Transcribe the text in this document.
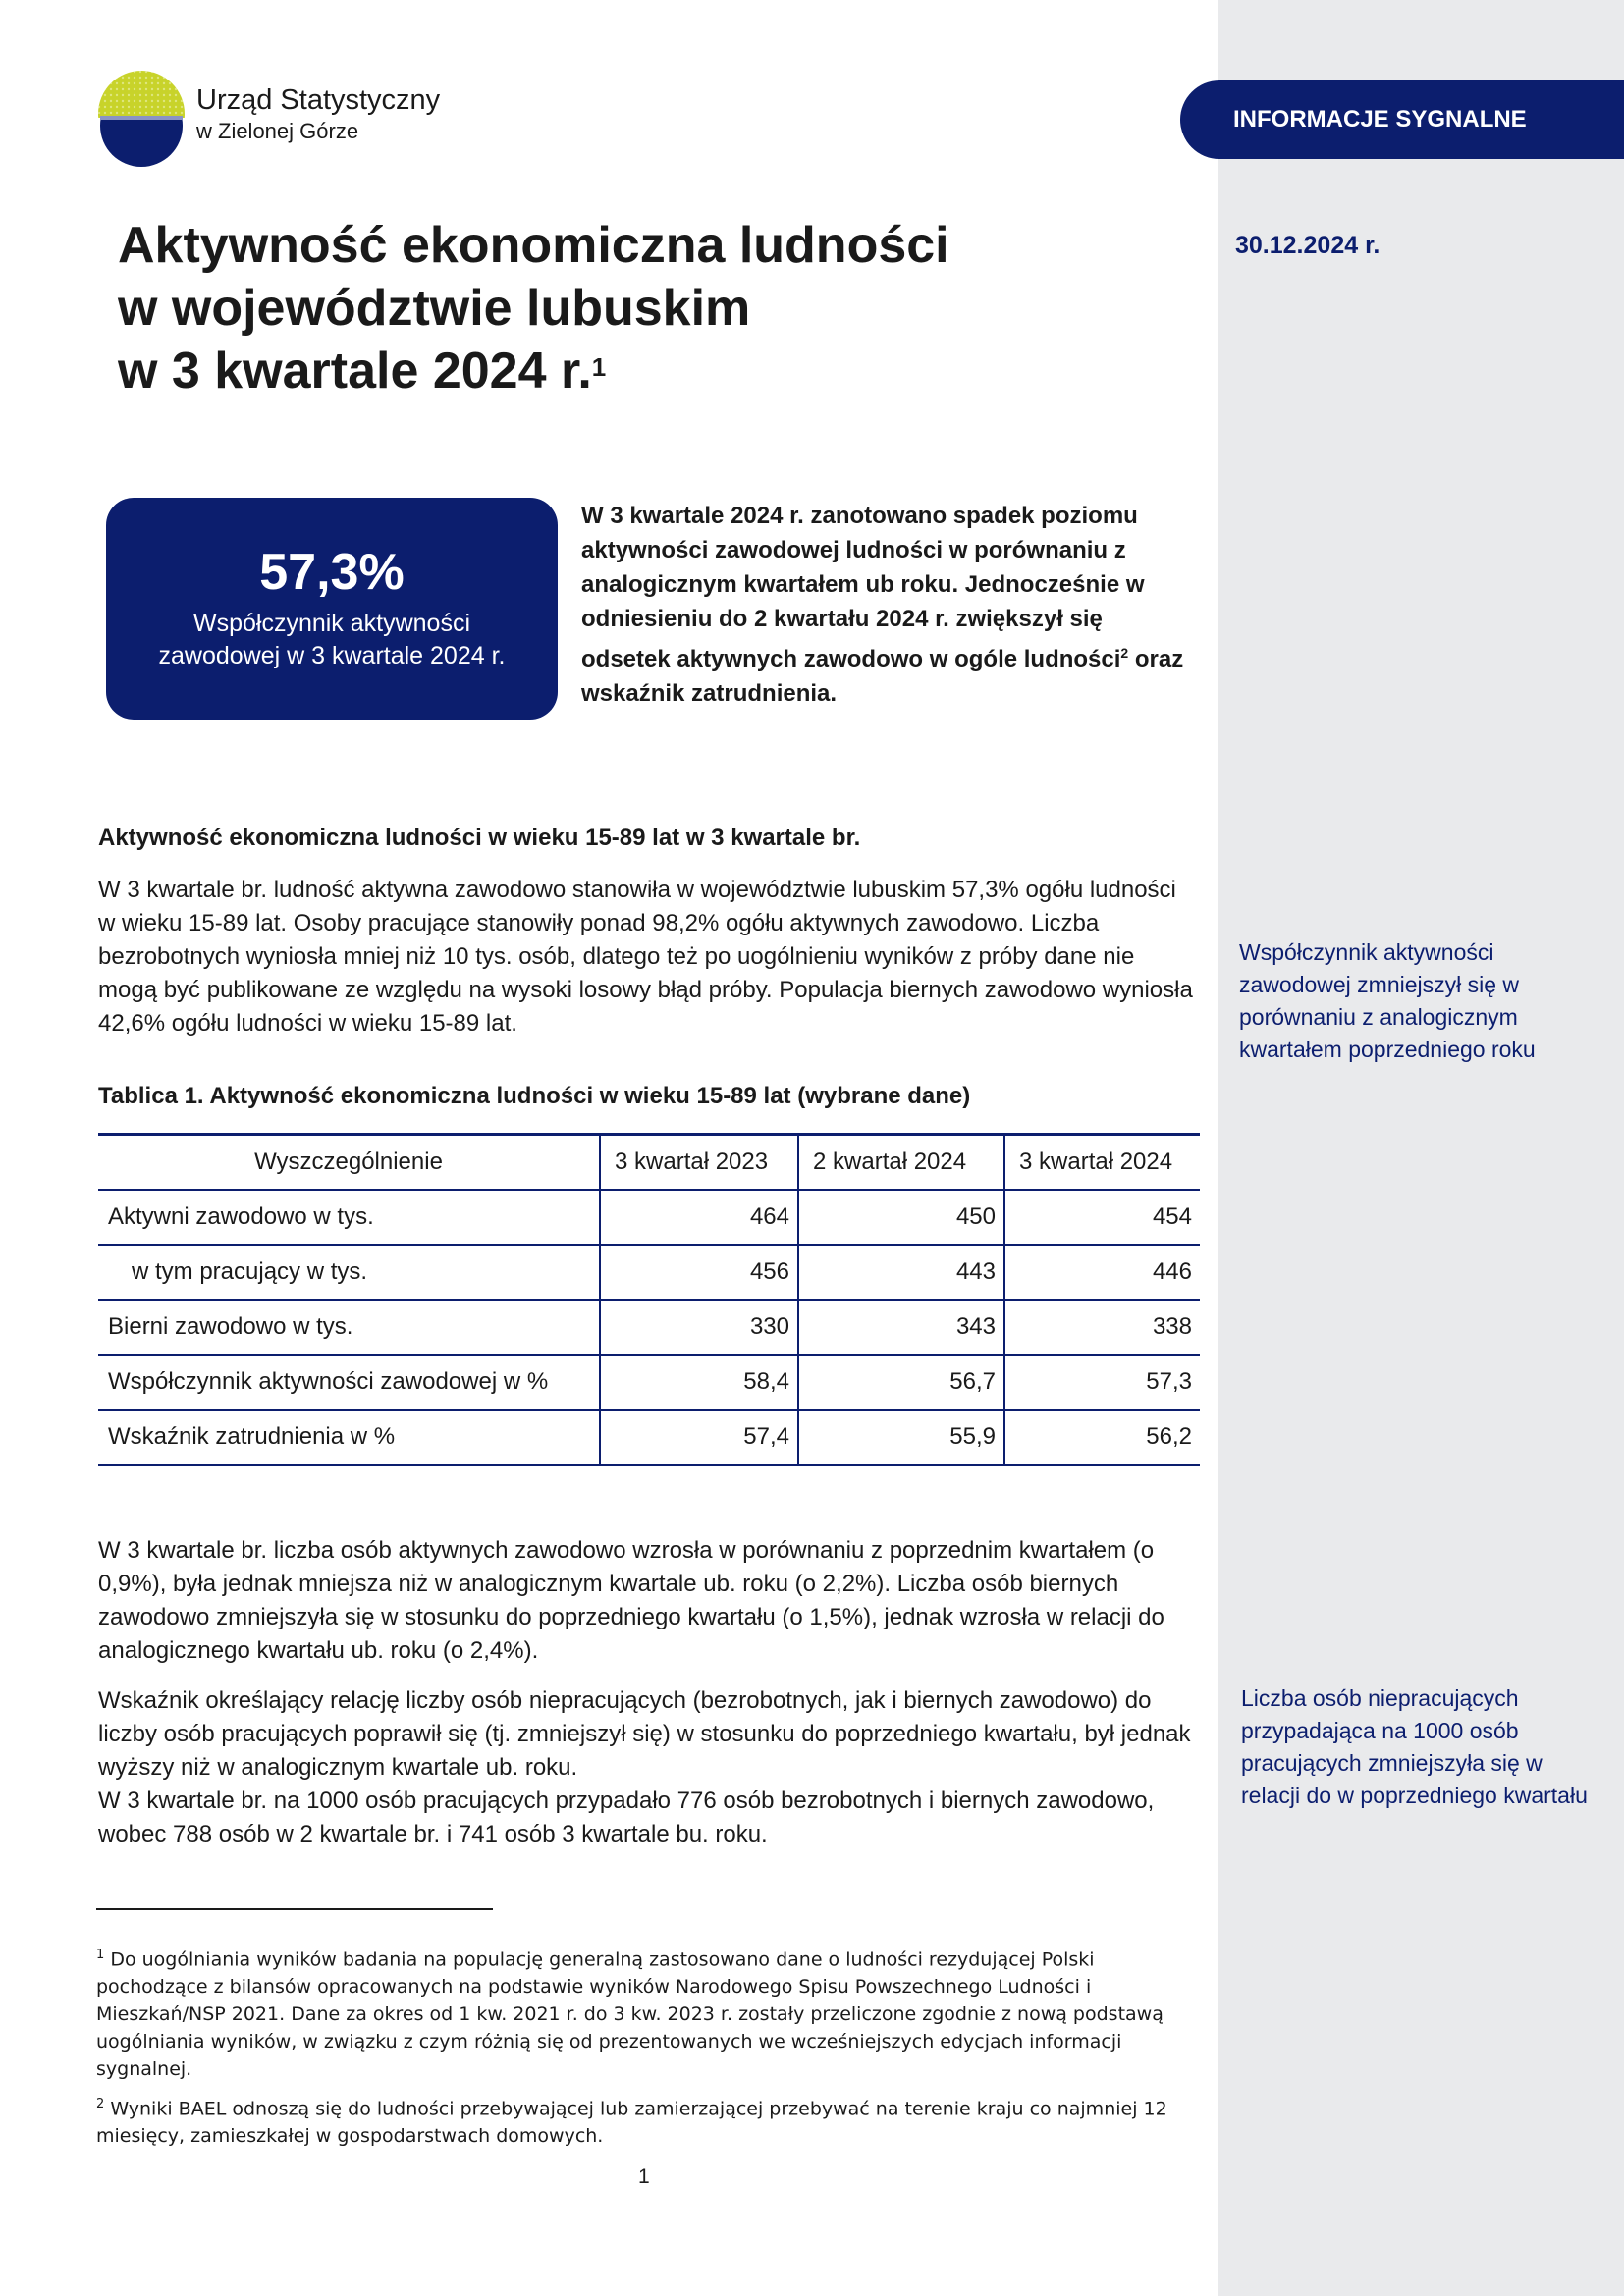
Urząd Statystyczny
w Zielonej Górze	INFORMACJE SYGNALNE
30.12.2024 r.
Aktywność ekonomiczna ludności
w województwie lubuskim
w 3 kwartale 2024 r.$^1$
57,3%
Współczynnik aktywności
zawodowej w 3 kwartale 2024 r.

W 3 kwartale 2024 r. zanotowano spadek poziomu aktywności zawodowej ludności w porównaniu z analogicznym kwartałem ub roku. Jednocześnie w odniesieniu do 2 kwartału 2024 r. zwiększył się odsetek aktywnych zawodowo w ogóle ludności$^2$ oraz wskaźnik zatrudnienia.

Aktywność ekonomiczna ludności w wieku 15-89 lat w 3 kwartale br.

W 3 kwartale br. ludność aktywna zawodowo stanowiła w województwie lubuskim 57,3% ogółu ludności w wieku 15-89 lat. Osoby pracujące stanowiły ponad 98,2% ogółu aktywnych zawodowo. Liczba bezrobotnych wyniosła mniej niż 10 tys. osób, dlatego też po uogólnieniu wyników z próby dane nie mogą być publikowane ze względu na wysoki losowy błąd próby. Populacja biernych zawodowo wyniosła 42,6% ogółu ludności w wieku 15-89 lat.

Współczynnik aktywności zawodowej zmniejszył się w porównaniu z analogicznym kwartałem poprzedniego roku

Tablica 1. Aktywność ekonomiczna ludności w wieku 15-89 lat (wybrane dane)

Wyszczególnienie	3 kwartał 2023	2 kwartał 2024	3 kwartał 2024
Aktywni zawodowo w tys.	464	450	454
w tym pracujący w tys.	456	443	446
Bierni zawodowo w tys.	330	343	338
Współczynnik aktywności zawodowej w %	58,4	56,7	57,3
Wskaźnik zatrudnienia w %	57,4	55,9	56,2

W 3 kwartale br. liczba osób aktywnych zawodowo wzrosła w porównaniu z poprzednim kwartałem (o 0,9%), była jednak mniejsza niż w analogicznym kwartale ub. roku (o 2,2%). Liczba osób biernych zawodowo zmniejszyła się w stosunku do poprzedniego kwartału (o 1,5%), jednak wzrosła w relacji do analogicznego kwartału ub. roku (o 2,4%).

Wskaźnik określający relację liczby osób niepracujących (bezrobotnych, jak i biernych zawodowo) do liczby osób pracujących poprawił się (tj. zmniejszył się) w stosunku do poprzedniego kwartału, był jednak wyższy niż w analogicznym kwartale ub. roku.
W 3 kwartale br. na 1000 osób pracujących przypadało 776 osób bezrobotnych i biernych zawodowo, wobec 788 osób w 2 kwartale br. i 741 osób 3 kwartale bu. roku.

Liczba osób niepracujących przypadająca na 1000 osób pracujących zmniejszyła się w relacji do w poprzedniego kwartału

$^1$ Do uogólniania wyników badania na populację generalną zastosowano dane o ludności rezydującej Polski pochodzące z bilansów opracowanych na podstawie wyników Narodowego Spisu Powszechnego Ludności i Mieszkań/NSP 2021. Dane za okres od 1 kw. 2021 r. do 3 kw. 2023 r. zostały przeliczone zgodnie z nową podstawą uogólniania wyników, w związku z czym różnią się od prezentowanych we wcześniejszych edycjach informacji sygnalnej.

$^2$ Wyniki BAEL odnoszą się do ludności przebywającej lub zamierzającej przebywać na terenie kraju co najmniej 12 miesięcy, zamieszkałej w gospodarstwach domowych.

1
